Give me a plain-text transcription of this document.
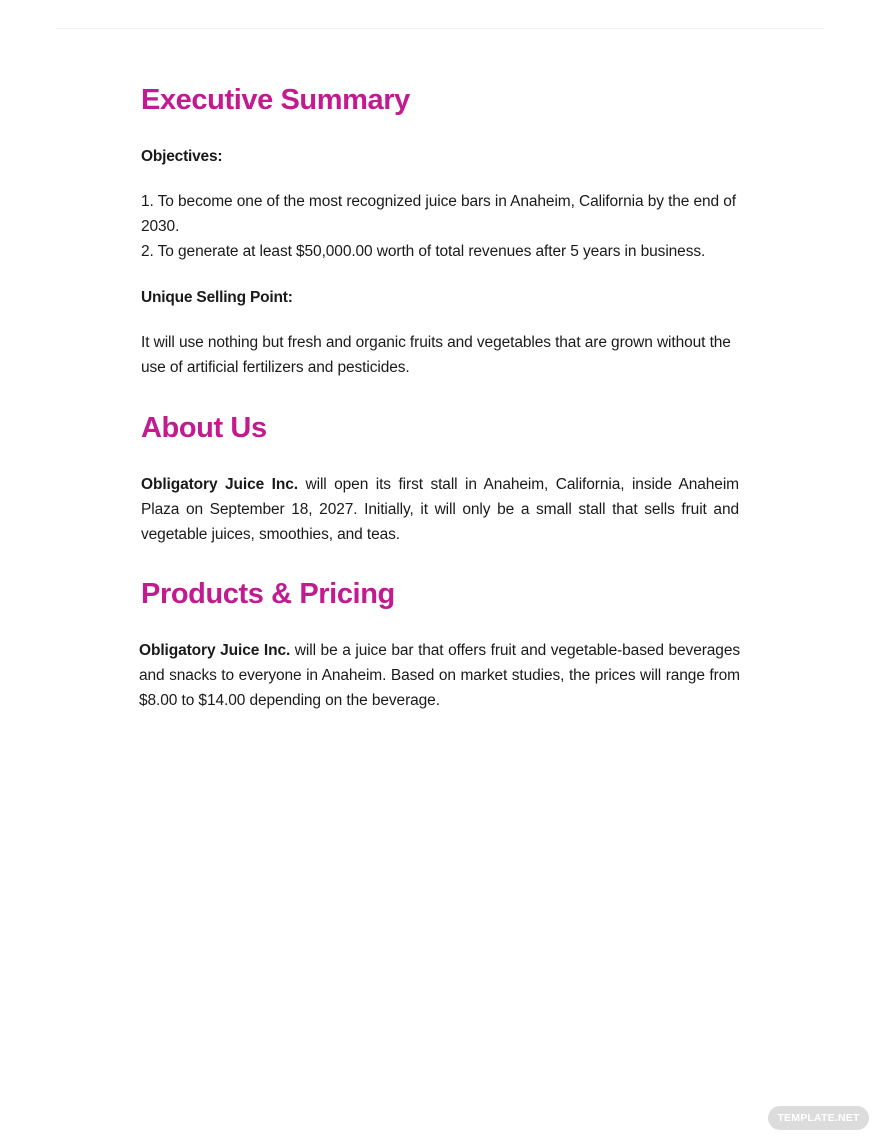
Executive Summary

Objectives:

1. To become one of the most recognized juice bars in Anaheim, California by the end of 2030.

2. To generate at least $50,000.00 worth of total revenues after 5 years in business.

Unique Selling Point:

It will use nothing but fresh and organic fruits and vegetables that are grown without the use of artificial fertilizers and pesticides.

About Us

Obligatory Juice Inc. will open its first stall in Anaheim, California, inside Anaheim Plaza on September 18, 2027. Initially, it will only be a small stall that sells fruit and vegetable juices, smoothies, and teas.

Products & Pricing

Obligatory Juice Inc. will be a juice bar that offers fruit and vegetable-based beverages and snacks to everyone in Anaheim. Based on market studies, the prices will range from $8.00 to $14.00 depending on the beverage.

TEMPLATE.NET
